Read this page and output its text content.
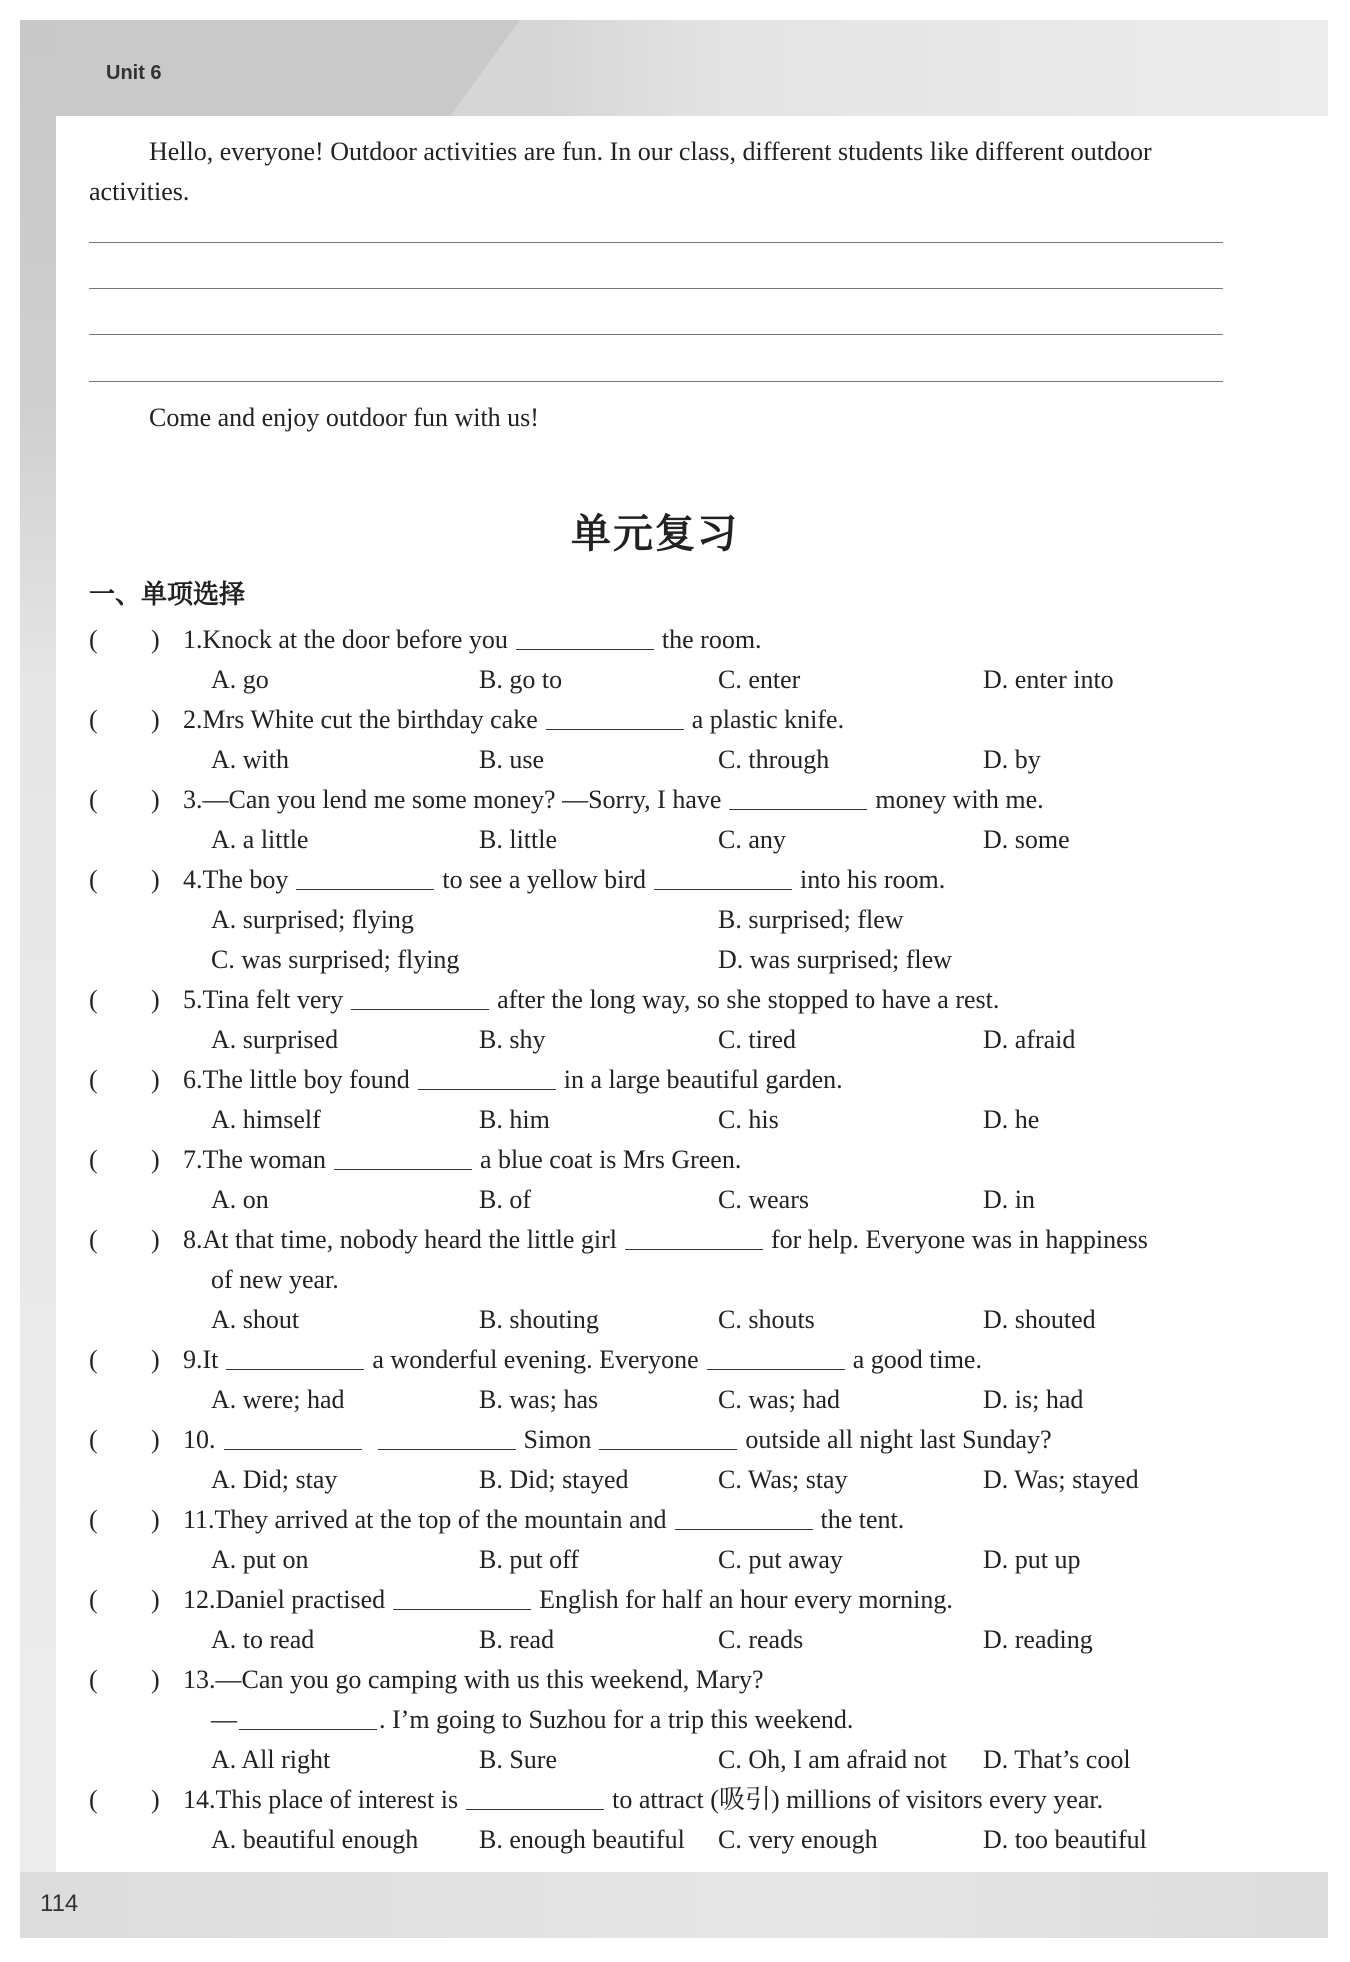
Unit 6
Hello, everyone! Outdoor activities are fun. In our class, different students like different outdoor activities.
Come and enjoy outdoor fun with us!
单元复习
一、单项选择
( ) 1.Knock at the door before you	the room.
A. go	B. go to	C. enter	D. enter into
( ) 2.Mrs White cut the birthday cake	a plastic knife.
A. with	B. use	C. through	D. by
( ) 3.—Can you lend me some money? —Sorry, I have	money with me.
A. a little	B. little	C. any	D. some
( ) 4.The boy	to see a yellow bird	into his room.
A. surprised; flying	B. surprised; flew
C. was surprised; flying	D. was surprised; flew
( ) 5.Tina felt very	after the long way, so she stopped to have a rest.
A. surprised	B. shy	C. tired	D. afraid
( ) 6.The little boy found	in a large beautiful garden.
A. himself	B. him	C. his	D. he
( ) 7.The woman	a blue coat is Mrs Green.
A. on	B. of	C. wears	D. in
( ) 8.At that time, nobody heard the little girl	for help. Everyone was in happiness
of new year.
A. shout	B. shouting	C. shouts	D. shouted
( ) 9.It	a wonderful evening. Everyone	a good time.
A. were; had	B. was; has	C. was; had	D. is; had
( ) 10.	Simon	outside all night last Sunday?
A. Did; stay	B. Did; stayed	C. Was; stay	D. Was; stayed
( ) 11.They arrived at the top of the mountain and	the tent.
A. put on	B. put off	C. put away	D. put up
( ) 12.Daniel practised	English for half an hour every morning.
A. to read	B. read	C. reads	D. reading
( ) 13.—Can you go camping with us this weekend, Mary?
—	. I’m going to Suzhou for a trip this weekend.
A. All right	B. Sure	C. Oh, I am afraid not D. That’s cool
( ) 14.This place of interest is	to attract (吸引) millions of visitors every year.
A. beautiful enough B. enough beautiful C. very enough	D. too beautiful
114
